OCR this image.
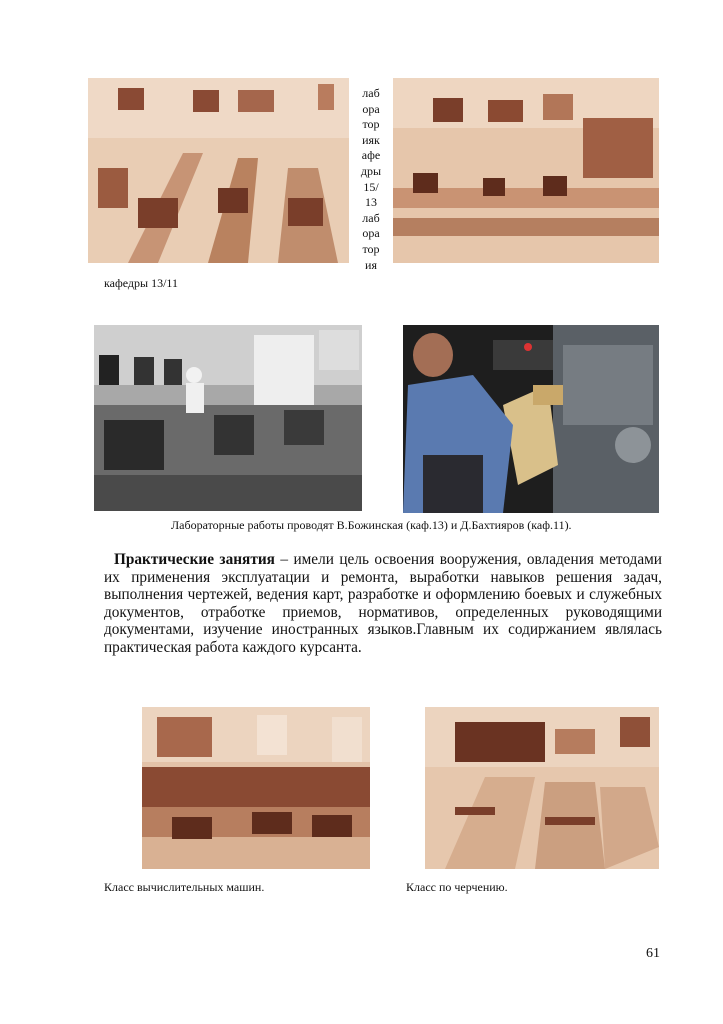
лаб
ора
тор
ияк
афе
дры
15/
13
лаб
ора
тор
ия
кафедры 13/11
Лабораторные работы проводят В.Божинская (каф.13) и Д.Бахтияров (каф.11).
Практические занятия – имели цель освоения вооружения, овладения методами их применения эксплуатации и ремонта, выработки навыков решения задач, выполнения чертежей, ведения карт, разработке и оформлению боевых и служебных документов, отработке приемов, нормативов, определенных руководящими документами, изучение иностранных языков.Главным их содиржанием являлась практическая работа каждого курсанта.
Класс вычислительных машин.	Класс по черчению.
61
